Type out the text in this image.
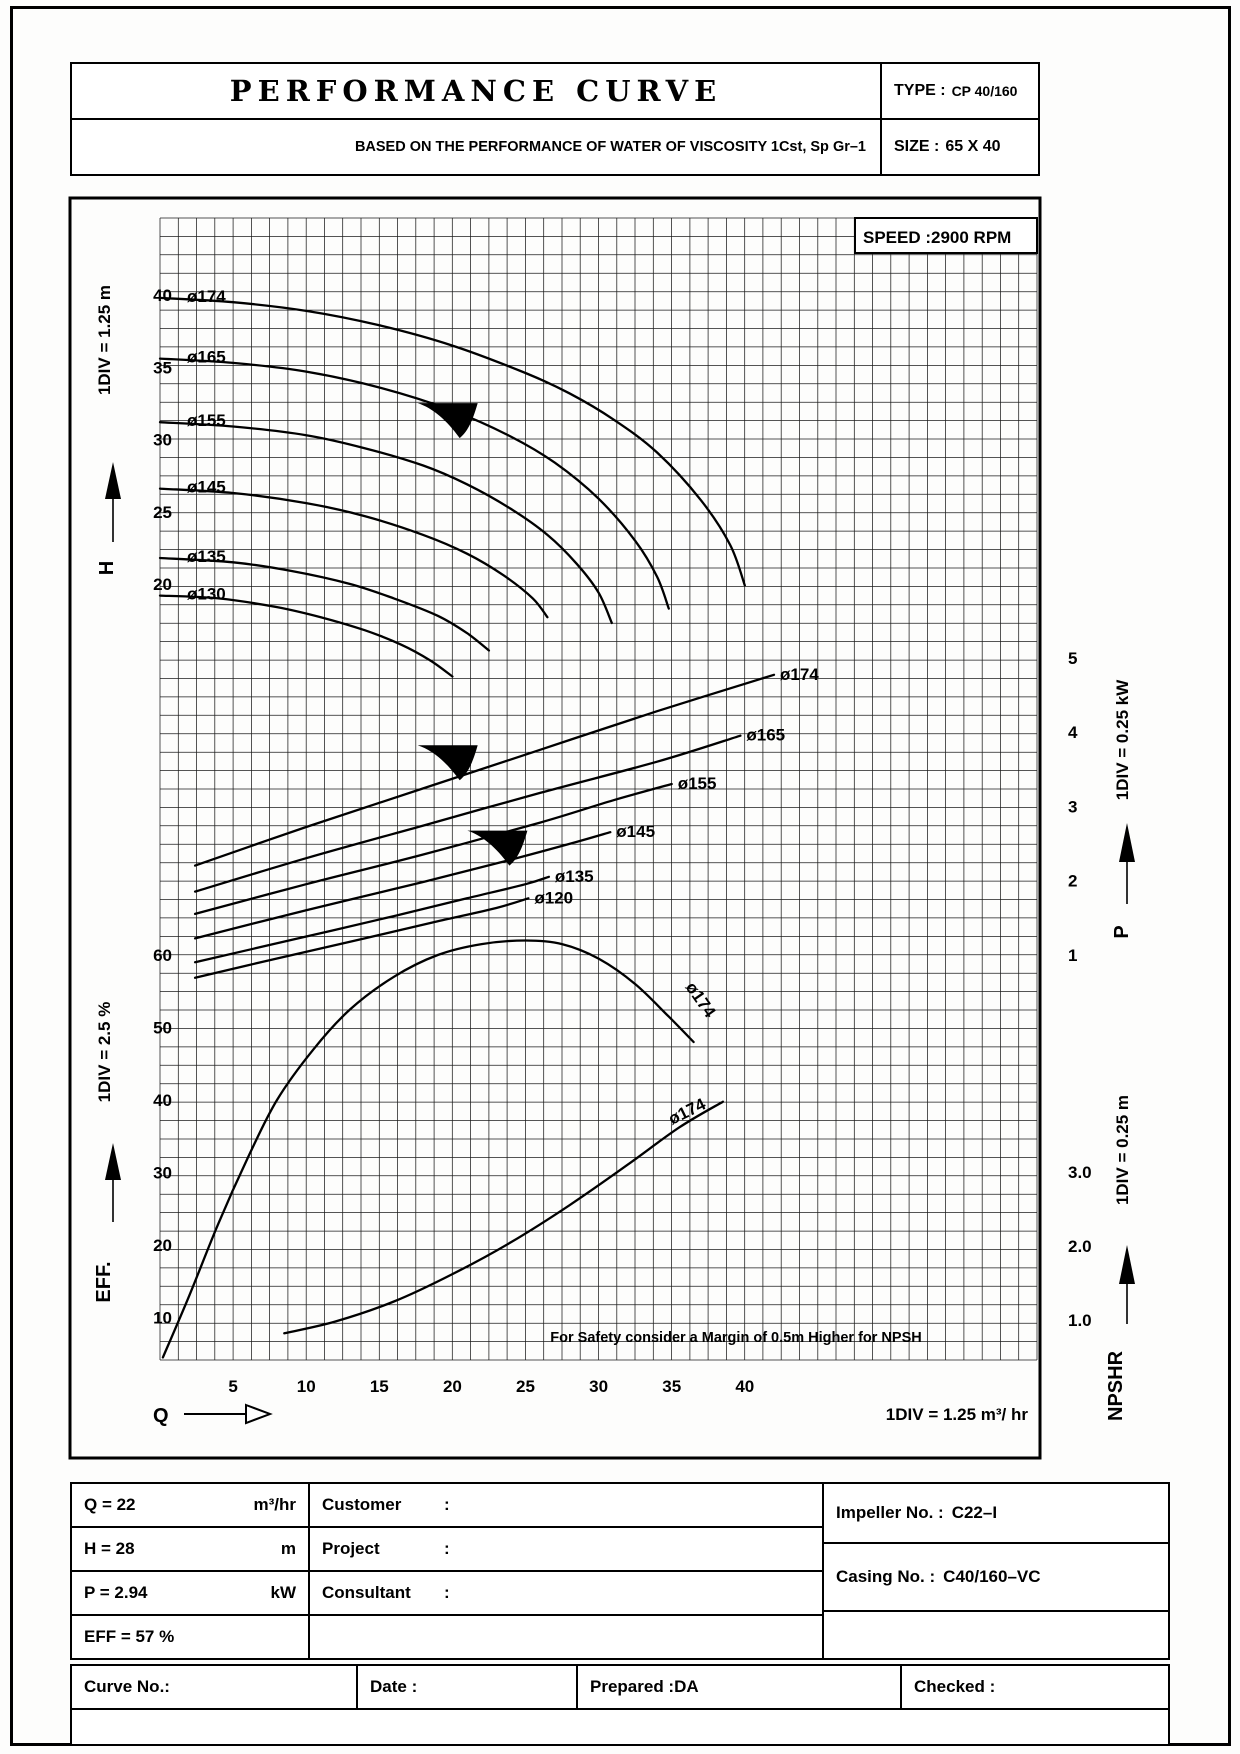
PERFORMANCE CURVE	TYPE : CP 40/160
BASED ON THE PERFORMANCE OF WATER OF VISCOSITY 1Cst, Sp Gr–1 SIZE : 65 X 40
ø174
ø165
ø155
ø145
ø135
ø130
ø174
ø165
ø155
ø145
ø135
ø120
ø174
ø174
SPEED :2900 RPM
For Safety consider a Margin of 0.5m Higher for NPSH
40
35
30
25
20
60
50
40
30
20
10
5
4
3
2
1
3.0
2.0
1.0
5	10	15	20	25	30	35	40
1DIV = 1.25 m
H
1DIV = 2.5 %
EFF.
1DIV = 0.25 kW
P
1DIV = 0.25 m
NPSHR
Q	1DIV = 1.25 m³/ hr
Q = 22	m³/hr
H = 28	m
P = 2.94	kW
EFF = 57 %
Customer	:
Project	:
Consultant	:
Impeller No. : C22–I
Casing No. : C40/160–VC
Curve No.:	Date :	Prepared : DA	Checked :
